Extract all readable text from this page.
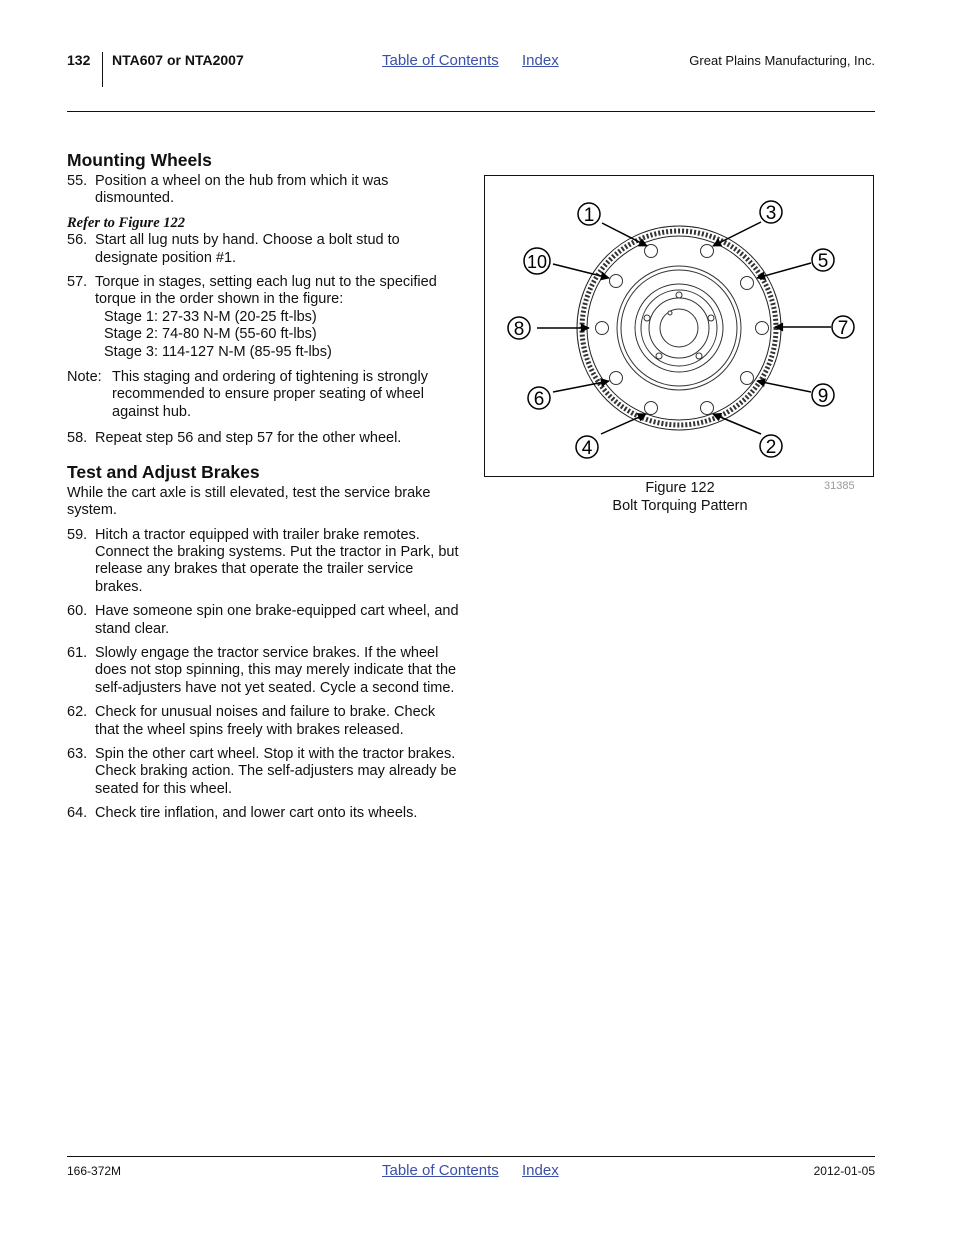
132 NTA607 or NTA2007	Table of Contents Index	Great Plains Manufacturing, Inc.
Mounting Wheels

55. Position a wheel on the hub from which it was dismounted.

Refer to Figure 122

56. Start all lug nuts by hand. Choose a bolt stud to designate position #1.

57. Torque in stages, setting each lug nut to the specified torque in the order shown in the figure:

Stage 1: 27-33 N-M (20-25 ft-lbs)
Stage 2: 74-80 N-M (55-60 ft-lbs)
Stage 3: 114-127 N-M (85-95 ft-lbs)

Note: This staging and ordering of tightening is strongly recommended to ensure proper seating of wheel against hub.

58. Repeat step 56 and step 57 for the other wheel.

Test and Adjust Brakes

While the cart axle is still elevated, test the service brake system.

59. Hitch a tractor equipped with trailer brake remotes. Connect the braking systems. Put the tractor in Park, but release any brakes that operate the trailer service brakes.

60. Have someone spin one brake-equipped cart wheel, and stand clear.

61. Slowly engage the tractor service brakes. If the wheel does not stop spinning, this may merely indicate that the self-adjusters have not yet seated. Cycle a second time.

62. Check for unusual noises and failure to brake. Check that the wheel spins freely with brakes released.

63. Spin the other cart wheel. Stop it with the tractor brakes. Check braking action. The self-adjusters may already be seated for this wheel.

64. Check tire inflation, and lower cart onto its wheels.

1	3
10	5
8	7
6	9
4	2
Figure 122
Bolt Torquing Pattern
31385
166-372M	Table of Contents Index	2012-01-05
